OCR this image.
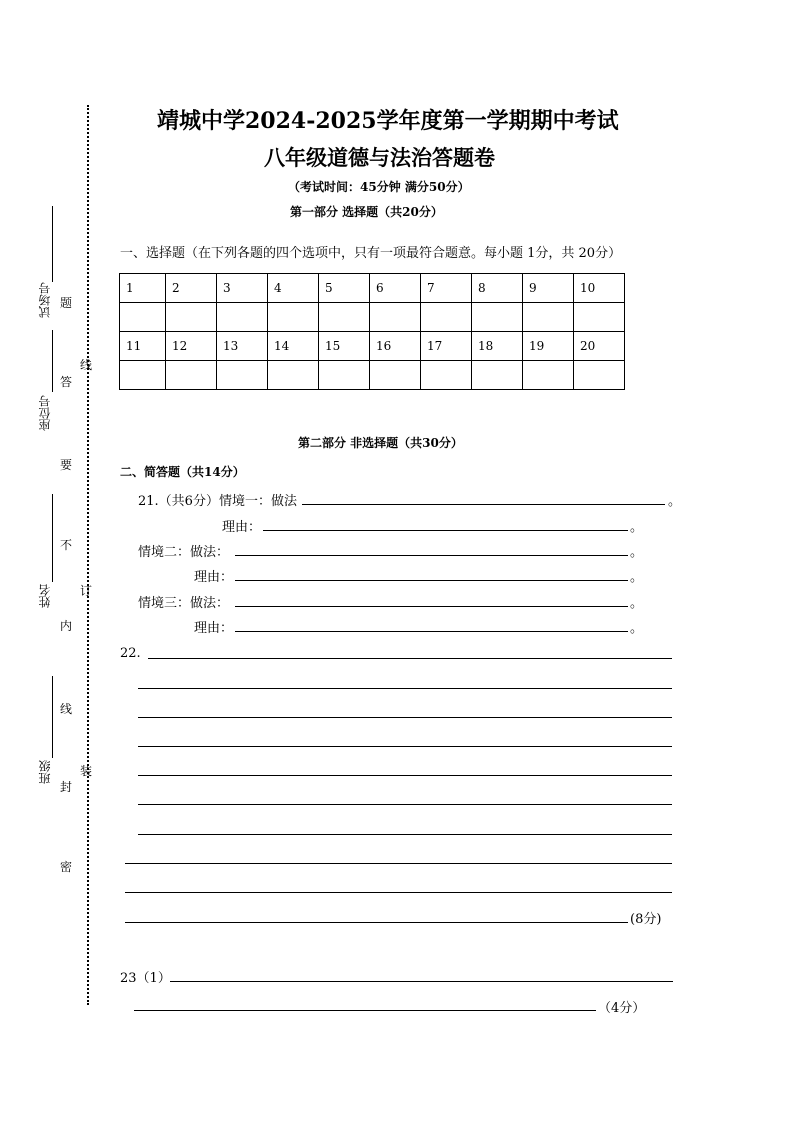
试场号
座位号
姓名
班级
题
答
要
不
内
线
封
密
线
订
装
靖城中学2024-2025学年度第一学期期中考试
八年级道德与法治答题卷
（考试时间：45分钟 满分50分）
第一部分 选择题（共20分）
一、选择题（在下列各题的四个选项中，只有一项最符合题意。每小题 1分，共 20分）
1	2	3	4	5	6	7	8	9	10

11	12	13	14	15	16	17	18	19	20

第二部分 非选择题（共30分）
二、简答题（共14分）
21.（共6分）情境一：做法	。
理由：	。
情境二：做法：	。
理由：	。
情境三：做法：	。
理由：	。
22.
(8分)
23（1）
（4分）
